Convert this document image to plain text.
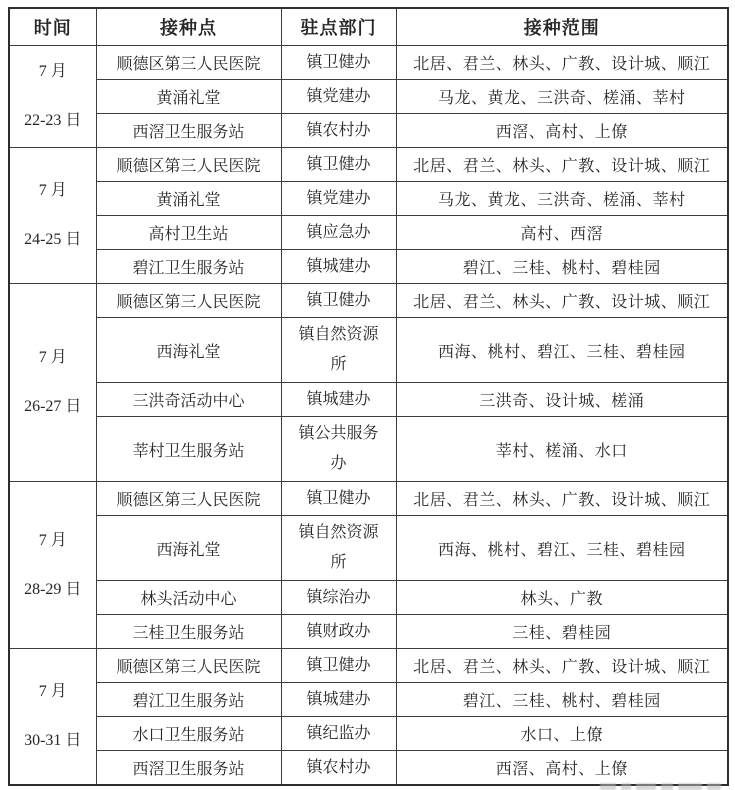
时间	接种点	驻点部门	接种范围

7 月
22-23 日	顺德区第三人民医院	镇卫健办	北居、君兰、林头、广教、设计城、顺江
	黄涌礼堂	镇党建办	马龙、黄龙、三洪奇、槎涌、莘村
	西滘卫生服务站	镇农村办	西滘、高村、上僚

7 月
24-25 日	顺德区第三人民医院	镇卫健办	北居、君兰、林头、广教、设计城、顺江
	黄涌礼堂	镇党建办	马龙、黄龙、三洪奇、槎涌、莘村
	高村卫生站	镇应急办	高村、西滘
	碧江卫生服务站	镇城建办	碧江、三桂、桃村、碧桂园

7 月
26-27 日	顺德区第三人民医院	镇卫健办	北居、君兰、林头、广教、设计城、顺江
	西海礼堂	镇自然资源所	西海、桃村、碧江、三桂、碧桂园
	三洪奇活动中心	镇城建办	三洪奇、设计城、槎涌
	莘村卫生服务站	镇公共服务办	莘村、槎涌、水口

7 月
28-29 日	顺德区第三人民医院	镇卫健办	北居、君兰、林头、广教、设计城、顺江
	西海礼堂	镇自然资源所	西海、桃村、碧江、三桂、碧桂园
	林头活动中心	镇综治办	林头、广教
	三桂卫生服务站	镇财政办	三桂、碧桂园

7 月
30-31 日	顺德区第三人民医院	镇卫健办	北居、君兰、林头、广教、设计城、顺江
	碧江卫生服务站	镇城建办	碧江、三桂、桃村、碧桂园
	水口卫生服务站	镇纪监办	水口、上僚
	西滘卫生服务站	镇农村办	西滘、高村、上僚
